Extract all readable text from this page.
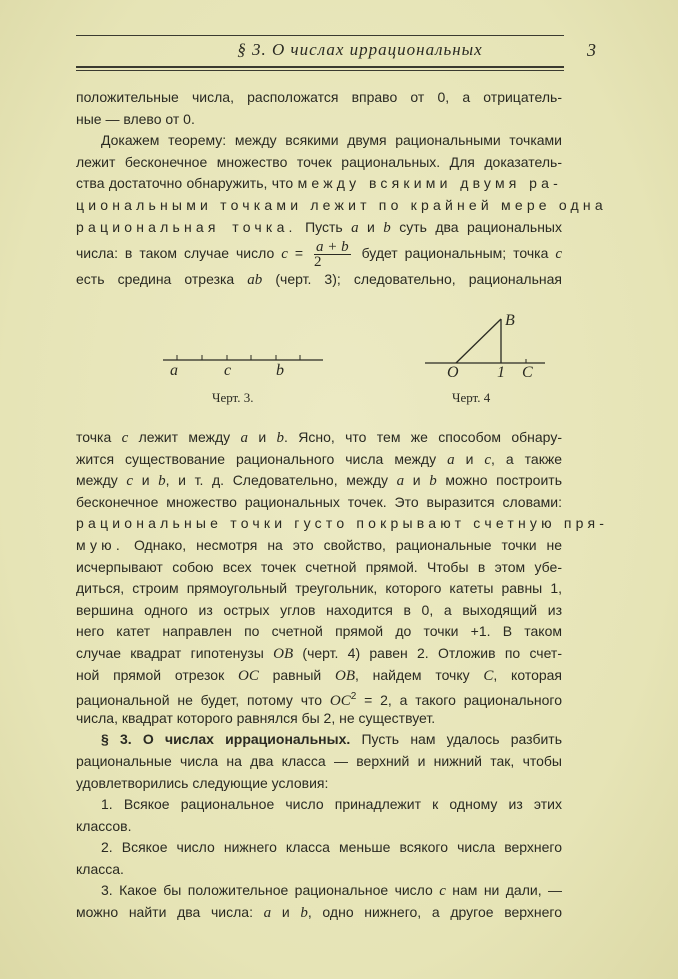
§ 3. О числах иррациональных	3
положительные числа, расположатся вправо от 0, а отрицатель-
ные — влево от 0.
Докажем теорему: между всякими двумя рациональными точками
лежит бесконечное множество точек рациональных. Для доказатель-
ства достаточно обнаружить, что между всякими двумя ра-
циональными точками лежит по крайней мере одна
рациональная точка. Пусть a и b суть два рациональных
числа: в таком случае число $c = \frac{a + b}{2}$ будет рациональным; точка c
есть средина отрезка ab (черт. 3); следовательно, рациональная
a	c	b
Черт. 3.
O 1 C
B
Черт. 4
точка c лежит между a и b. Ясно, что тем же способом обнару-
жится существование рационального числа между a и c, а также
между c и b, и т. д. Следовательно, между a и b можно построить
бесконечное множество рациональных точек. Это выразится словами:
рациональные точки густо покрывают счетную пря-
мую. Однако, несмотря на это свойство, рациональные точки не
исчерпывают собою всех точек счетной прямой. Чтобы в этом убе-
диться, строим прямоугольный треугольник, которого катеты равны 1,
вершина одного из острых углов находится в 0, а выходящий из
него катет направлен по счетной прямой до точки +1. В таком
случае квадрат гипотенузы OB (черт. 4) равен 2. Отложив по счет-
ной прямой отрезок OC равный OB, найдем точку C, которая
рациональной не будет, потому что $OC^2 = 2$, а такого рационального
числа, квадрат которого равнялся бы 2, не существует.
§ 3. О числах иррациональных. Пусть нам удалось разбить
рациональные числа на два класса — верхний и нижний так, чтобы
удовлетворились следующие условия:
1. Всякое рациональное число принадлежит к одному из этих
классов.
2. Всякое число нижнего класса меньше всякого числа верхнего
класса.
3. Какое бы положительное рациональное число c нам ни дали, —
можно найти два числа: a и b, одно нижнего, а другое верхнего
